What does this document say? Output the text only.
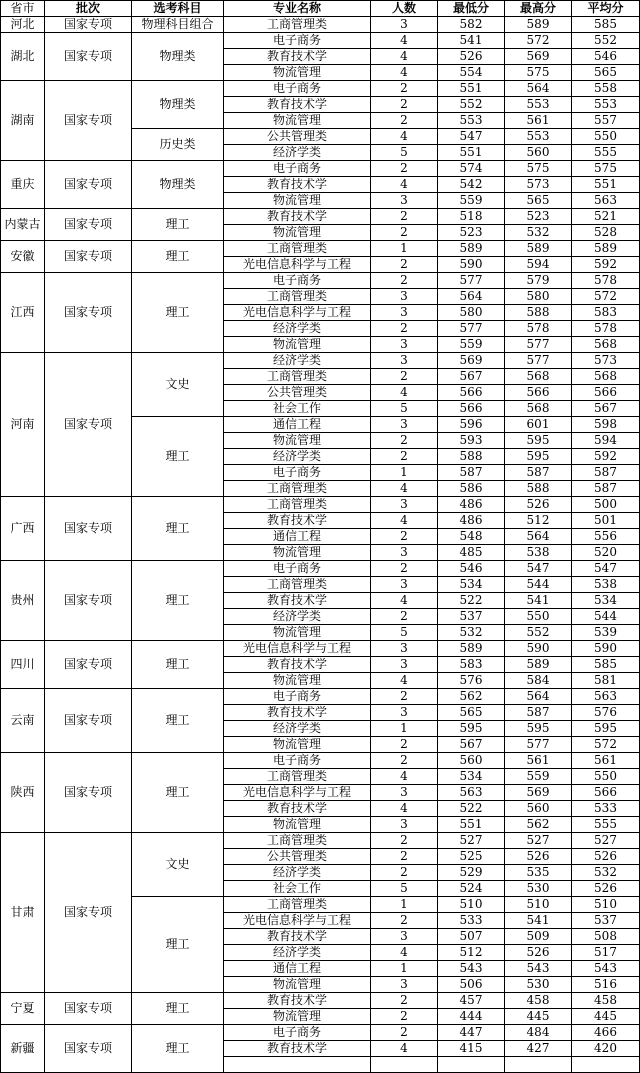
省市	批次	选考科目	专业名称	人数	最低分	最高分	平均分
河北	国家专项	物理科目组合	工商管理类	3	582	589	585
湖北	国家专项	物理类	电子商务	4	541	572	552
			教育技术学	4	526	569	546
			物流管理	4	554	575	565
湖南	国家专项	物理类	电子商务	2	551	564	558
			教育技术学	2	552	553	553
			物流管理	2	553	561	557
		历史类	公共管理类	4	547	553	550
			经济学类	5	551	560	555
重庆	国家专项	物理类	电子商务	2	574	575	575
			教育技术学	4	542	573	551
			物流管理	3	559	565	563
内蒙古	国家专项	理工	教育技术学	2	518	523	521
			物流管理	2	523	532	528
安徽	国家专项	理工	工商管理类	1	589	589	589
			光电信息科学与工程	2	590	594	592
江西	国家专项	理工	电子商务	2	577	579	578
			工商管理类	3	564	580	572
			光电信息科学与工程	3	580	588	583
			经济学类	2	577	578	578
			物流管理	3	559	577	568
河南	国家专项	文史	经济学类	3	569	577	573
			工商管理类	2	567	568	568
			公共管理类	4	566	566	566
			社会工作	5	566	568	567
		理工	通信工程	3	596	601	598
			物流管理	2	593	595	594
			经济学类	2	588	595	592
			电子商务	1	587	587	587
			工商管理类	4	586	588	587
广西	国家专项	理工	工商管理类	3	486	526	500
			教育技术学	4	486	512	501
			通信工程	2	548	564	556
			物流管理	3	485	538	520
贵州	国家专项	理工	电子商务	2	546	547	547
			工商管理类	3	534	544	538
			教育技术学	4	522	541	534
			经济学类	2	537	550	544
			物流管理	5	532	552	539
四川	国家专项	理工	光电信息科学与工程	3	589	590	590
			教育技术学	3	583	589	585
			物流管理	4	576	584	581
云南	国家专项	理工	电子商务	2	562	564	563
			教育技术学	3	565	587	576
			经济学类	1	595	595	595
			物流管理	2	567	577	572
陕西	国家专项	理工	电子商务	2	560	561	561
			工商管理类	4	534	559	550
			光电信息科学与工程	3	563	569	566
			教育技术学	4	522	560	533
			物流管理	3	551	562	555
甘肃	国家专项	文史	工商管理类	2	527	527	527
			公共管理类	2	525	526	526
			经济学类	2	529	535	532
			社会工作	5	524	530	526
		理工	工商管理类	1	510	510	510
			光电信息科学与工程	2	533	541	537
			教育技术学	3	507	509	508
			经济学类	4	512	526	517
			通信工程	1	543	543	543
			物流管理	3	506	530	516
宁夏	国家专项	理工	教育技术学	2	457	458	458
			物流管理	2	444	445	445
新疆	国家专项	理工	电子商务	2	447	484	466
			教育技术学	4	415	427	420
